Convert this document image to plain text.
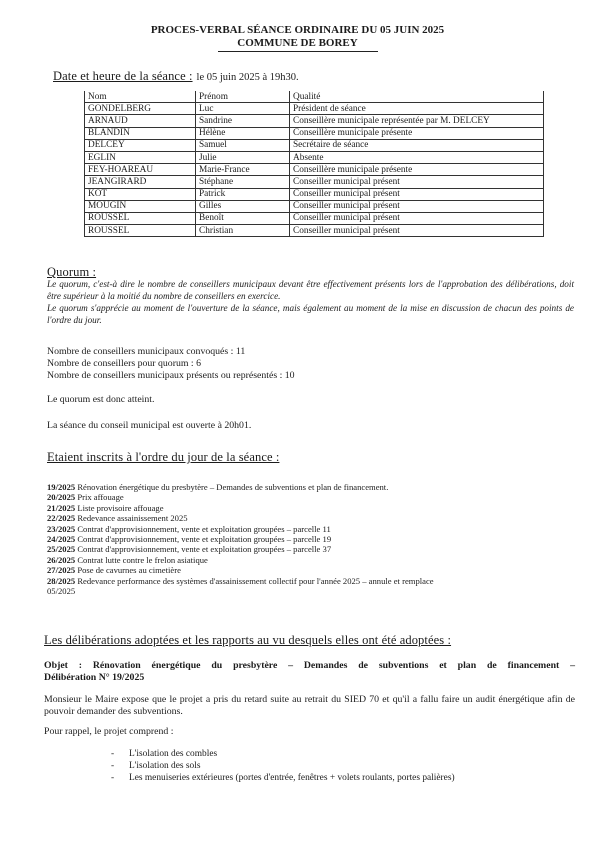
PROCES-VERBAL SÉANCE ORDINAIRE DU 05 JUIN 2025
COMMUNE DE BOREY
Date et heure de la séance : le 05 juin 2025 à 19h30.
Nom	Prénom	Qualité
GONDELBERG	Luc	Président de séance
ARNAUD	Sandrine	Conseillère municipale représentée par M. DELCEY
BLANDIN	Hélène	Conseillère municipale présente
DELCEY	Samuel	Secrétaire de séance
EGLIN	Julie	Absente
FEY-HOAREAU	Marie-France	Conseillère municipale présente
JEANGIRARD	Stéphane	Conseiller municipal présent
KOT	Patrick	Conseiller municipal présent
MOUGIN	Gilles	Conseiller municipal présent
ROUSSEL	Benoît	Conseiller municipal présent
ROUSSEL	Christian	Conseiller municipal présent
Quorum :
Le quorum, c'est-à dire le nombre de conseillers municipaux devant être effectivement présents lors de l'approbation des délibérations, doit être supérieur à la moitié du nombre de conseillers en exercice.
Le quorum s'apprécie au moment de l'ouverture de la séance, mais également au moment de la mise en discussion de chacun des points de l'ordre du jour.
Nombre de conseillers municipaux convoqués : 11
Nombre de conseillers pour quorum : 6
Nombre de conseillers municipaux présents ou représentés : 10
Le quorum est donc atteint.
La séance du conseil municipal est ouverte à 20h01.
Etaient inscrits à l'ordre du jour de la séance :
19/2025 Rénovation énergétique du presbytère – Demandes de subventions et plan de financement.
20/2025 Prix affouage
21/2025 Liste provisoire affouage
22/2025 Redevance assainissement 2025
23/2025 Contrat d'approvisionnement, vente et exploitation groupées – parcelle 11
24/2025 Contrat d'approvisionnement, vente et exploitation groupées – parcelle 19
25/2025 Contrat d'approvisionnement, vente et exploitation groupées – parcelle 37
26/2025 Contrat lutte contre le frelon asiatique
27/2025 Pose de cavurnes au cimetière
28/2025 Redevance performance des systèmes d'assainissement collectif pour l'année 2025 – annule et remplace
05/2025
Les délibérations adoptées et les rapports au vu desquels elles ont été adoptées :
Objet : Rénovation énergétique du presbytère – Demandes de subventions et plan de financement –
Délibération N° 19/2025
Monsieur le Maire expose que le projet a pris du retard suite au retrait du SIED 70 et qu'il a fallu faire un audit énergétique afin de pouvoir demander des subventions.
Pour rappel, le projet comprend :
- L'isolation des combles
- L'isolation des sols
- Les menuiseries extérieures (portes d'entrée, fenêtres + volets roulants, portes palières)
